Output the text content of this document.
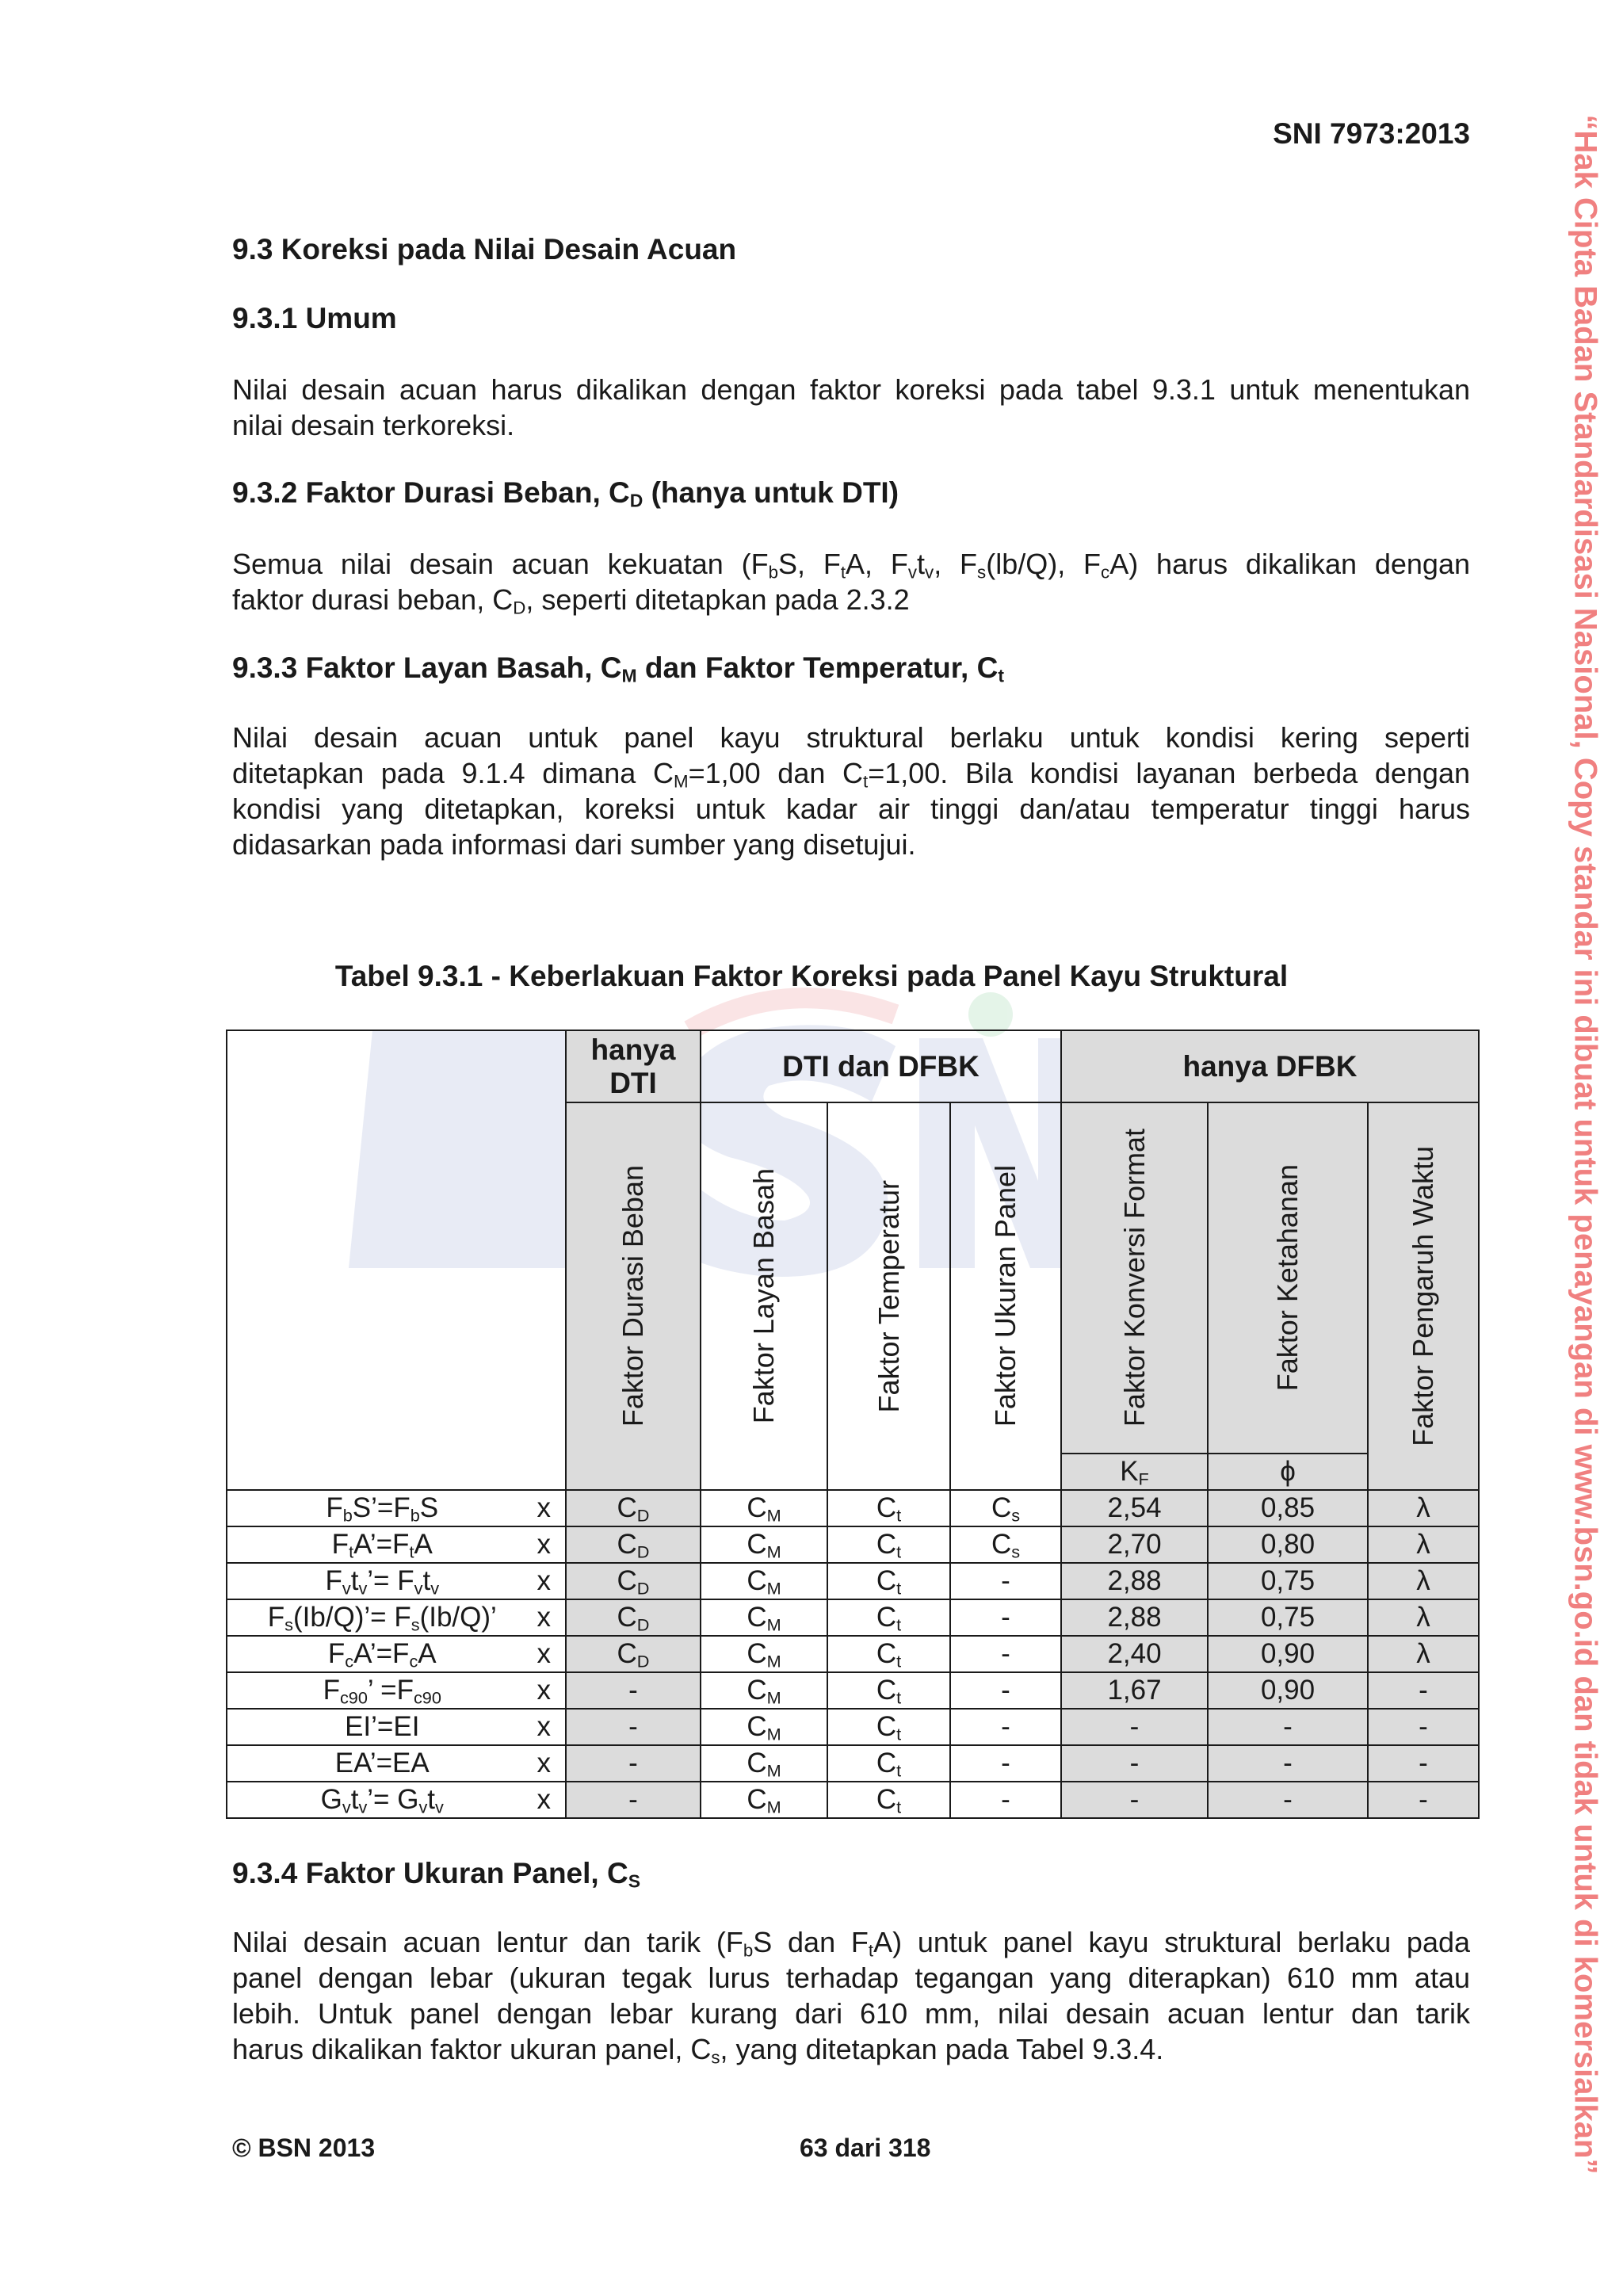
SNI 7973:2013
9.3 Koreksi pada Nilai Desain Acuan
9.3.1 Umum
Nilai desain acuan harus dikalikan dengan faktor koreksi pada tabel 9.3.1 untuk menentukan
nilai desain terkoreksi.
9.3.2 Faktor Durasi Beban, $C_D$ (hanya untuk DTI)
Semua nilai desain acuan kekuatan ($F_bS$, $F_tA$, $F_vt_v$, $F_s(lb/Q)$, $F_cA$) harus dikalikan dengan
faktor durasi beban, $C_D$, seperti ditetapkan pada 2.3.2
9.3.3 Faktor Layan Basah, $C_M$ dan Faktor Temperatur, $C_t$
Nilai desain acuan untuk panel kayu struktural berlaku untuk kondisi kering seperti
ditetapkan pada 9.1.4 dimana $C_M=1,00$ dan $C_t=1,00$. Bila kondisi layanan berbeda dengan
kondisi yang ditetapkan, koreksi untuk kadar air tinggi dan/atau temperatur tinggi harus
didasarkan pada informasi dari sumber yang disetujui.
Tabel 9.3.1 - Keberlakuan Faktor Koreksi pada Panel Kayu Struktural
	hanya
DTI	DTI dan DFBK			hanya DFBK		

	Faktor Durasi Beban	Faktor Layan Basah	Faktor Temperatur	Faktor Ukuran Panel	Faktor Konversi Format	Faktor Ketahanan	Faktor Pengaruh Waktu

					$K_F$	ϕ	

$F_bS’=F_bS$ x	$C_D$	$C_M$	$C_t$	$C_s$	2,54	0,85	λ

$F_tA’=F_tA$ x	$C_D$	$C_M$	$C_t$	$C_s$	2,70	0,80	λ

$F_vt_v’= F_vt_v$ x	$C_D$	$C_M$	$C_t$	-	2,88	0,75	λ

$F_s(Ib/Q)’= F_s(Ib/Q)$’ x	$C_D$	$C_M$	$C_t$	-	2,88	0,75	λ

$F_cA’=F_cA$ x	$C_D$	$C_M$	$C_t$	-	2,40	0,90	λ

$F_{c90}$’ $=F_{c90}$ x	-	$C_M$	$C_t$	-	1,67	0,90	-

EI’=EI x	-	$C_M$	$C_t$	-	-	-	-

EA’=EA x	-	$C_M$	$C_t$	-	-	-	-

$G_vt_v’= G_vt_v$ x	-	$C_M$	$C_t$	-	-	-	-
9.3.4 Faktor Ukuran Panel, $C_S$
Nilai desain acuan lentur dan tarik ($F_bS$ dan $F_tA$) untuk panel kayu struktural berlaku pada
panel dengan lebar (ukuran tegak lurus terhadap tegangan yang diterapkan) 610 mm atau
lebih. Untuk panel dengan lebar kurang dari 610 mm, nilai desain acuan lentur dan tarik
harus dikalikan faktor ukuran panel, $C_s$, yang ditetapkan pada Tabel 9.3.4.
© BSN 2013	63 dari 318	“Hak Cipta Badan Standardisasi Nasional, Copy standar ini dibuat untuk penayangan di www.bsn.go.id dan tidak untuk di komersialkan”
